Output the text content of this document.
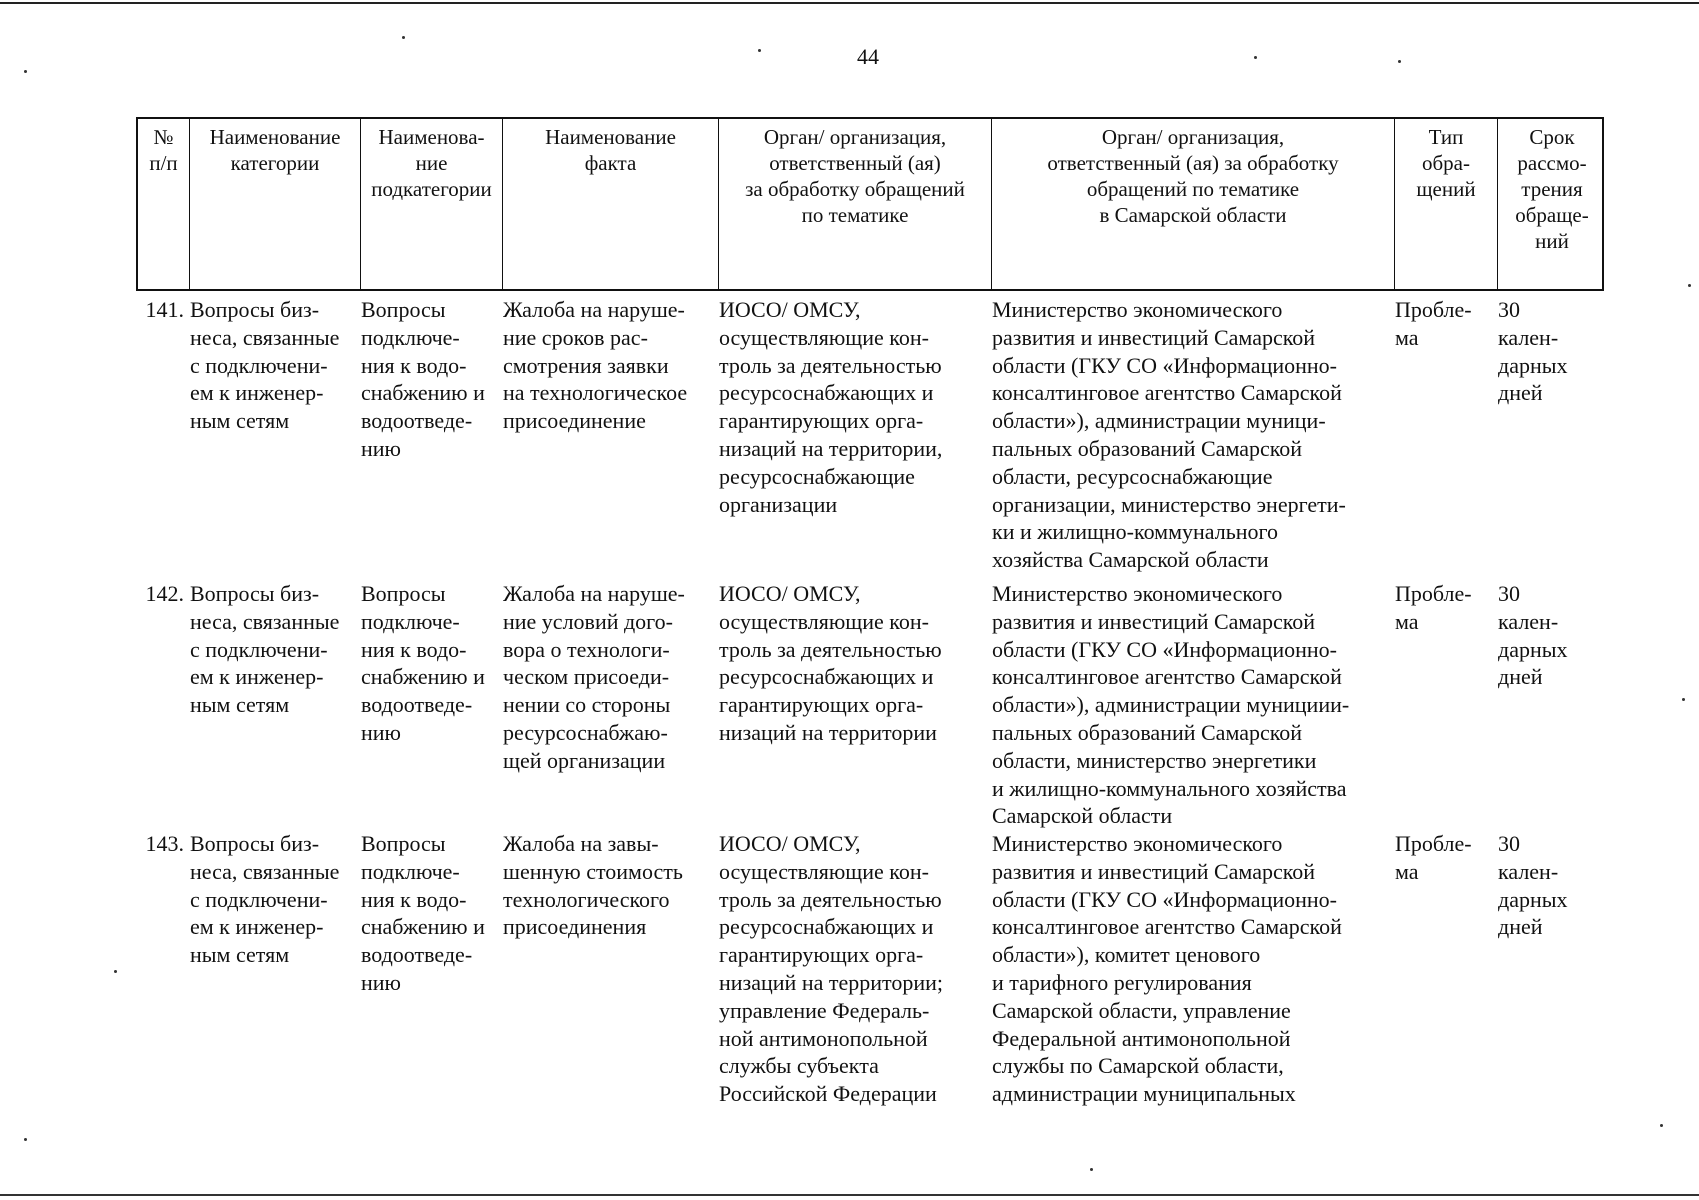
44
№
п/п
Наименование
категории
Наименова-
ние
подкатегории
Наименование
факта
Орган/ организация,
ответственный (ая)
за обработку обращений
по тематике
Орган/ организация,
ответственный (ая) за обработку
обращений по тематике
в Самарской области
Тип
обра-
щений
Срок
рассмо-
трения
обраще-
ний
141. Вопросы биз-
неса, связанные
с подключени-
ем к инженер-
ным сетям
Вопросы
подключе-
ния к водо-
снабжению и
водоотведе-
нию
Жалоба на наруше-
ние сроков рас-
смотрения заявки
на технологическое
присоединение
ИОСО/ ОМСУ,
осуществляющие кон-
троль за деятельностью
ресурсоснабжающих и
гарантирующих орга-
низаций на территории,
ресурсоснабжающие
организации
Министерство экономического
развития и инвестиций Самарской
области (ГКУ СО «Информационно-
консалтинговое агентство Самарской
области»), администрации муници-
пальных образований Самарской
области, ресурсоснабжающие
организации, министерство энергети-
ки и жилищно-коммунального
хозяйства Самарской области
Пробле-
ма
30
кален-
дарных
дней
142. Вопросы биз-
неса, связанные
с подключени-
ем к инженер-
ным сетям
Вопросы
подключе-
ния к водо-
снабжению и
водоотведе-
нию
Жалоба на наруше-
ние условий дого-
вора о технологи-
ческом присоеди-
нении со стороны
ресурсоснабжаю-
щей организации
ИОСО/ ОМСУ,
осуществляющие кон-
троль за деятельностью
ресурсоснабжающих и
гарантирующих орга-
низаций на территории
Министерство экономического
развития и инвестиций Самарской
области (ГКУ СО «Информационно-
консалтинговое агентство Самарской
области»), администрации мунициии-
пальных образований Самарской
области, министерство энергетики
и жилищно-коммунального хозяйства
Самарской области
Пробле-
ма
30
кален-
дарных
дней
143. Вопросы биз-
неса, связанные
с подключени-
ем к инженер-
ным сетям
Вопросы
подключе-
ния к водо-
снабжению и
водоотведе-
нию
Жалоба на завы-
шенную стоимость
технологического
присоединения
ИОСО/ ОМСУ,
осуществляющие кон-
троль за деятельностью
ресурсоснабжающих и
гарантирующих орга-
низаций на территории;
управление Федераль-
ной антимонопольной
службы субъекта
Российской Федерации
Министерство экономического
развития и инвестиций Самарской
области (ГКУ СО «Информационно-
консалтинговое агентство Самарской
области»), комитет ценового
и тарифного регулирования
Самарской области, управление
Федеральной антимонопольной
службы по Самарской области,
администрации муниципальных
Пробле-
ма
30
кален-
дарных
дней
